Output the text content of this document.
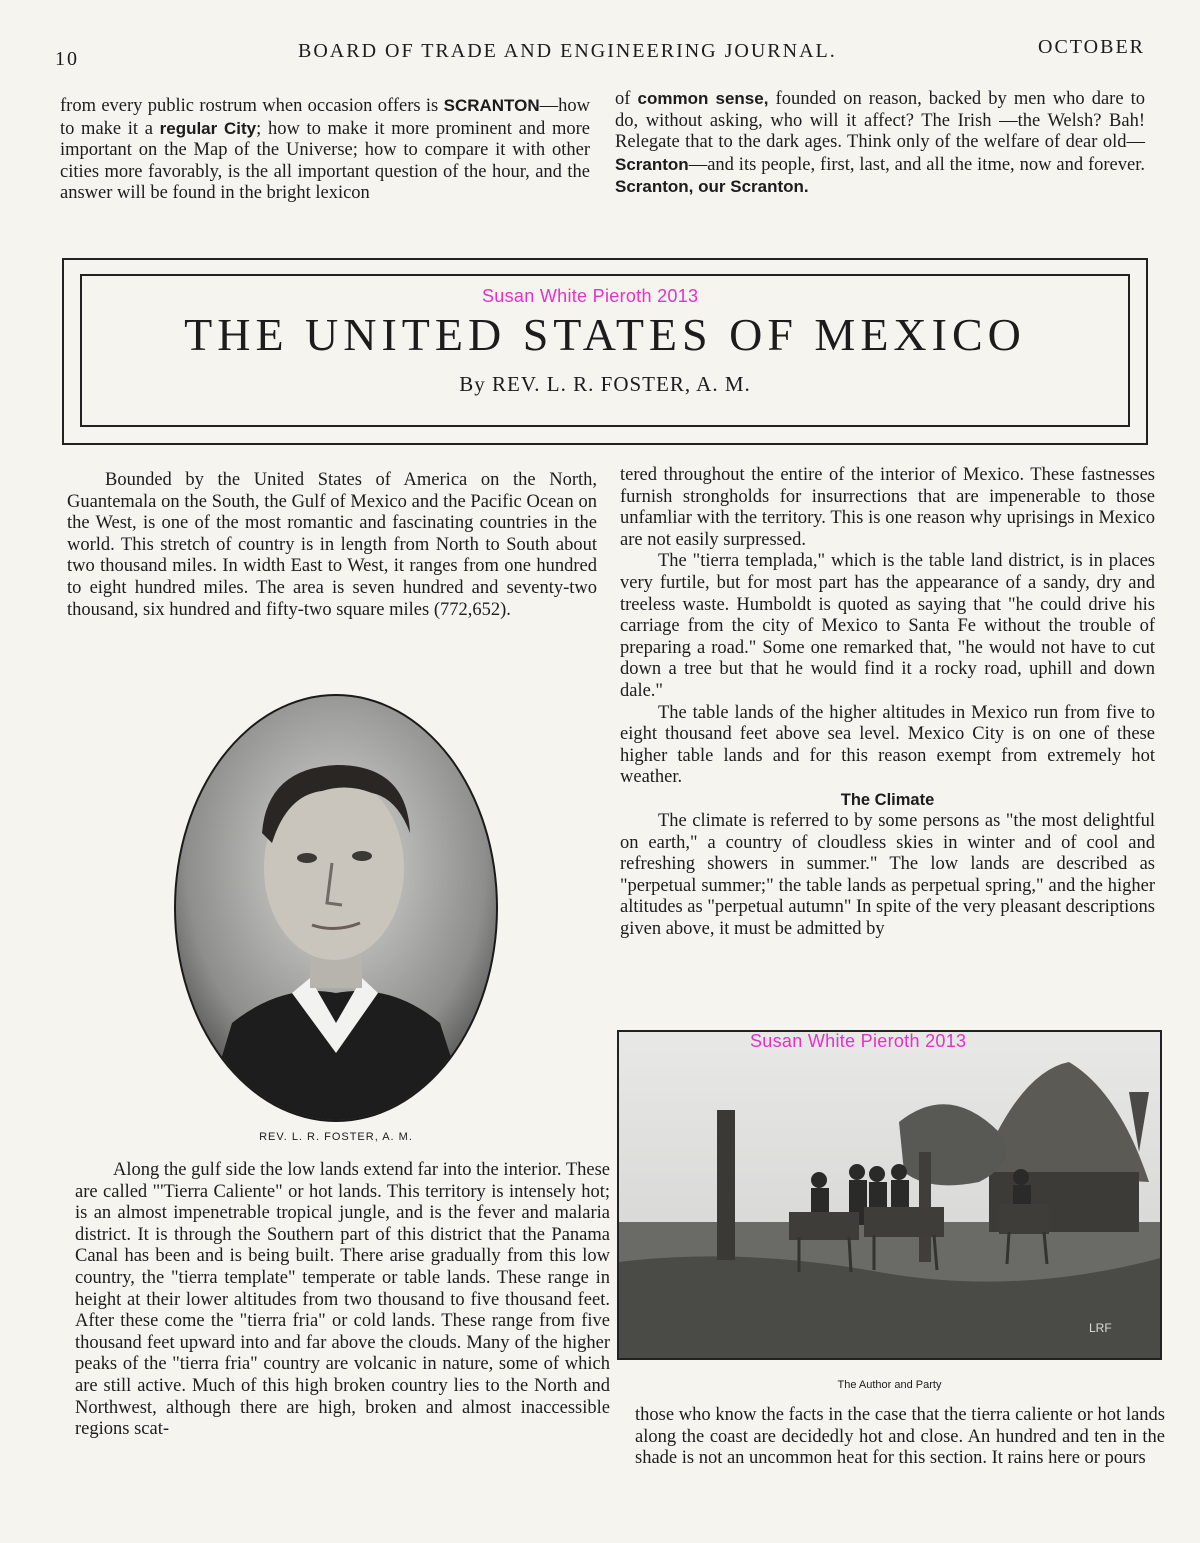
10	BOARD OF TRADE AND ENGINEERING JOURNAL.	OCTOBER

from every public rostrum when occasion offers is SCRANTON—how to make it a regular City; how to make it more prominent and more important on the Map of the Universe; how to compare it with other cities more favorably, is the all important question of the hour, and the answer will be found in the bright lexicon

of common sense, founded on reason, backed by men who dare to do, without asking, who will it affect? The Irish —the Welsh? Bah! Relegate that to the dark ages. Think only of the welfare of dear old—Scranton—and its people, first, last, and all the itme, now and forever. Scranton, our Scranton.

Susan White Pieroth 2013
THE UNITED STATES OF MEXICO
By REV. L. R. FOSTER, A. M.

Bounded by the United States of America on the North, Guantemala on the South, the Gulf of Mexico and the Pacific Ocean on the West, is one of the most romantic and fascinating countries in the world. This stretch of country is in length from North to South about two thousand miles. In width East to West, it ranges from one hundred to eight hundred miles. The area is seven hundred and seventy-two thousand, six hundred and fifty-two square miles (772,652).

REV. L. R. FOSTER, A. M.

Along the gulf side the low lands extend far into the interior. These are called "'Tierra Caliente" or hot lands. This territory is intensely hot; is an almost impenetrable tropical jungle, and is the fever and malaria district. It is through the Southern part of this district that the Panama Canal has been and is being built. There arise gradually from this low country, the "tierra template" temperate or table lands. These range in height at their lower altitudes from two thousand to five thousand feet. After these come the "tierra fria" or cold lands. These range from five thousand feet upward into and far above the clouds. Many of the higher peaks of the "tierra fria" country are volcanic in nature, some of which are still active. Much of this high broken country lies to the North and Northwest, although there are high, broken and almost inaccessible regions scat-

tered throughout the entire of the interior of Mexico. These fastnesses furnish strongholds for insurrections that are impenerable to those unfamliar with the territory. This is one reason why uprisings in Mexico are not easily surpressed.

The "tierra templada," which is the table land district, is in places very furtile, but for most part has the appearance of a sandy, dry and treeless waste. Humboldt is quoted as saying that "he could drive his carriage from the city of Mexico to Santa Fe without the trouble of preparing a road." Some one remarked that, "he would not have to cut down a tree but that he would find it a rocky road, uphill and down dale."

The table lands of the higher altitudes in Mexico run from five to eight thousand feet above sea level. Mexico City is on one of these higher table lands and for this reason exempt from extremely hot weather.

The Climate

The climate is referred to by some persons as "the most delightful on earth," a country of cloudless skies in winter and of cool and refreshing showers in summer." The low lands are described as "perpetual summer;" the table lands as perpetual spring," and the higher altitudes as "perpetual autumn" In spite of the very pleasant descriptions given above, it must be admitted by

LRF
Susan White Pieroth 2013
The Author and Party

those who know the facts in the case that the tierra caliente or hot lands along the coast are decidedly hot and close. An hundred and ten in the shade is not an uncommon heat for this section. It rains here or pours
